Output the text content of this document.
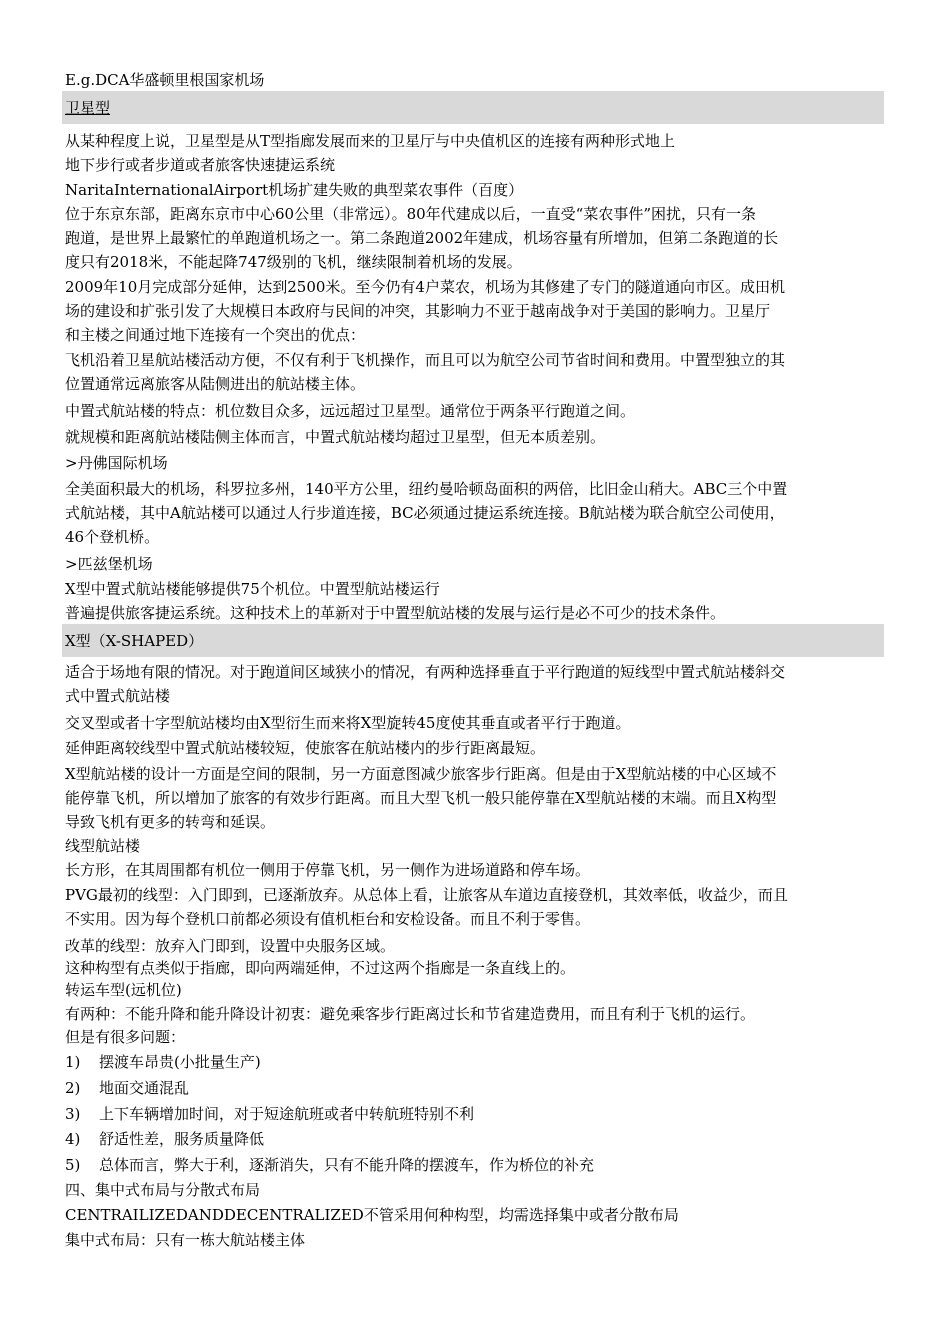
E.g.DCA华盛顿里根国家机场
卫星型
从某种程度上说，卫星型是从T型指廊发展而来的卫星厅与中央值机区的连接有两种形式地上
地下步行或者步道或者旅客快速捷运系统
NaritaInternationalAirport机场扩建失败的典型菜农事件（百度）
位于东京东部，距离东京市中心60公里（非常远）。80年代建成以后，一直受“菜农事件”困扰，只有一条
跑道，是世界上最繁忙的单跑道机场之一。第二条跑道2002年建成，机场容量有所增加，但第二条跑道的长
度只有2018米，不能起降747级别的飞机，继续限制着机场的发展。
2009年10月完成部分延伸，达到2500米。至今仍有4户菜农，机场为其修建了专门的隧道通向市区。成田机
场的建设和扩张引发了大规模日本政府与民间的冲突，其影响力不亚于越南战争对于美国的影响力。卫星厅
和主楼之间通过地下连接有一个突出的优点：
飞机沿着卫星航站楼活动方便，不仅有利于飞机操作，而且可以为航空公司节省时间和费用。中置型独立的其
位置通常远离旅客从陆侧进出的航站楼主体。
中置式航站楼的特点：机位数目众多，远远超过卫星型。通常位于两条平行跑道之间。
就规模和距离航站楼陆侧主体而言，中置式航站楼均超过卫星型，但无本质差别。
>丹佛国际机场
全美面积最大的机场，科罗拉多州，140平方公里，纽约曼哈顿岛面积的两倍，比旧金山稍大。ABC三个中置
式航站楼，其中A航站楼可以通过人行步道连接，BC必须通过捷运系统连接。B航站楼为联合航空公司使用，
46个登机桥。
>匹兹堡机场
X型中置式航站楼能够提供75个机位。中置型航站楼运行
普遍提供旅客捷运系统。这种技术上的革新对于中置型航站楼的发展与运行是必不可少的技术条件。
X型（X-SHAPED）
适合于场地有限的情况。对于跑道间区域狭小的情况，有两种选择垂直于平行跑道的短线型中置式航站楼斜交
式中置式航站楼
交叉型或者十字型航站楼均由X型衍生而来将X型旋转45度使其垂直或者平行于跑道。
延伸距离较线型中置式航站楼较短，使旅客在航站楼内的步行距离最短。
X型航站楼的设计一方面是空间的限制，另一方面意图减少旅客步行距离。但是由于X型航站楼的中心区域不
能停靠飞机，所以增加了旅客的有效步行距离。而且大型飞机一般只能停靠在X型航站楼的末端。而且X构型
导致飞机有更多的转弯和延误。
线型航站楼
长方形，在其周围都有机位一侧用于停靠飞机，另一侧作为进场道路和停车场。
PVG最初的线型：入门即到，已逐渐放弃。从总体上看，让旅客从车道边直接登机，其效率低，收益少，而且
不实用。因为每个登机口前都必须设有值机柜台和安检设备。而且不利于零售。
改革的线型：放弃入门即到，设置中央服务区域。
这种构型有点类似于指廊，即向两端延伸，不过这两个指廊是一条直线上的。
转运车型(远机位)
有两种：不能升降和能升降设计初衷：避免乘客步行距离过长和节省建造费用，而且有利于飞机的运行。
但是有很多问题：
1) 摆渡车昂贵(小批量生产)
2) 地面交通混乱
3) 上下车辆增加时间，对于短途航班或者中转航班特别不利
4) 舒适性差，服务质量降低
5) 总体而言，弊大于利，逐渐消失，只有不能升降的摆渡车，作为桥位的补充
四、集中式布局与分散式布局
CENTRAILIZEDANDDECENTRALIZED不管采用何种构型，均需选择集中或者分散布局
集中式布局：只有一栋大航站楼主体
